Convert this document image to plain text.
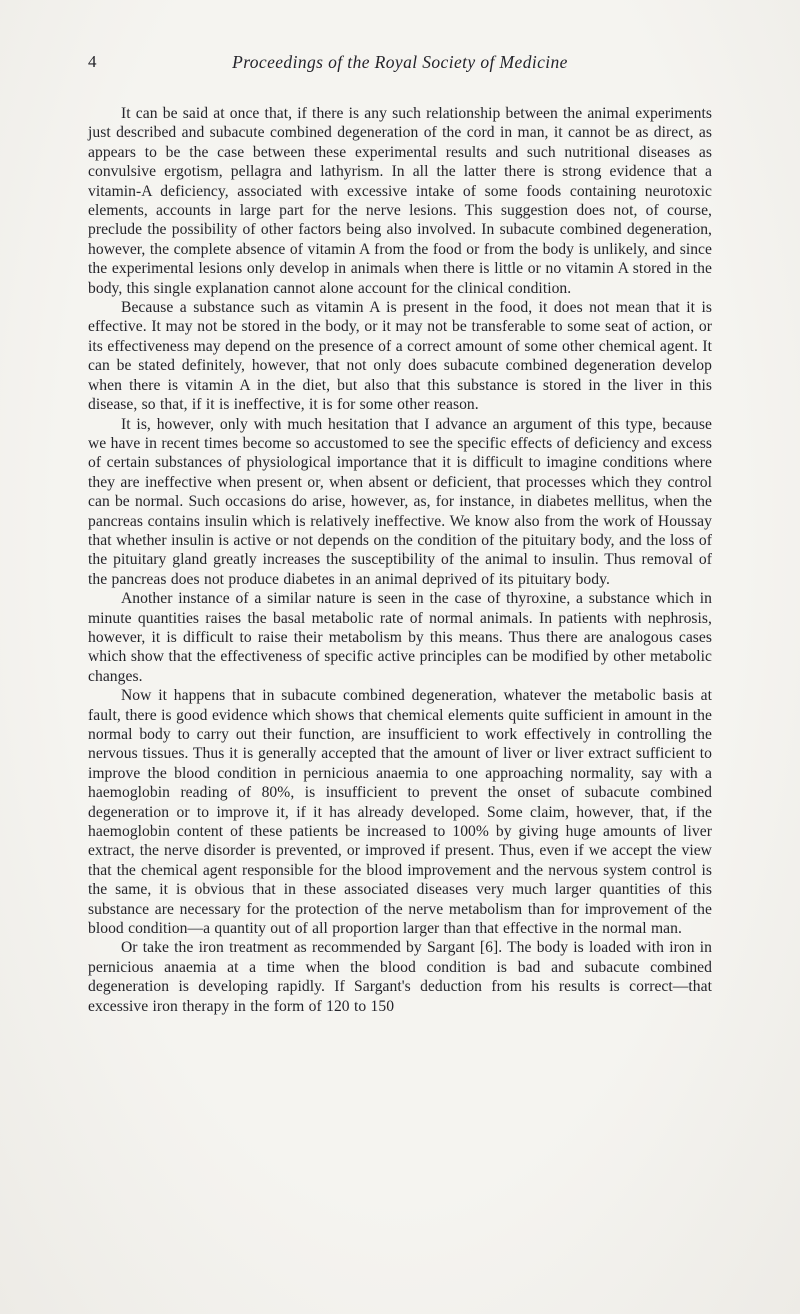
4	Proceedings of the Royal Society of Medicine

It can be said at once that, if there is any such relationship between the animal experiments just described and subacute combined degeneration of the cord in man, it cannot be as direct, as appears to be the case between these experimental results and such nutritional diseases as convulsive ergotism, pellagra and lathyrism. In all the latter there is strong evidence that a vitamin-A deficiency, associated with excessive intake of some foods containing neurotoxic elements, accounts in large part for the nerve lesions. This suggestion does not, of course, preclude the possibility of other factors being also involved. In subacute combined degeneration, however, the complete absence of vitamin A from the food or from the body is unlikely, and since the experimental lesions only develop in animals when there is little or no vitamin A stored in the body, this single explanation cannot alone account for the clinical condition.

Because a substance such as vitamin A is present in the food, it does not mean that it is effective. It may not be stored in the body, or it may not be transferable to some seat of action, or its effectiveness may depend on the presence of a correct amount of some other chemical agent. It can be stated definitely, however, that not only does subacute combined degeneration develop when there is vitamin A in the diet, but also that this substance is stored in the liver in this disease, so that, if it is ineffective, it is for some other reason.

It is, however, only with much hesitation that I advance an argument of this type, because we have in recent times become so accustomed to see the specific effects of deficiency and excess of certain substances of physiological importance that it is difficult to imagine conditions where they are ineffective when present or, when absent or deficient, that processes which they control can be normal. Such occasions do arise, however, as, for instance, in diabetes mellitus, when the pancreas contains insulin which is relatively ineffective. We know also from the work of Houssay that whether insulin is active or not depends on the condition of the pituitary body, and the loss of the pituitary gland greatly increases the susceptibility of the animal to insulin. Thus removal of the pancreas does not produce diabetes in an animal deprived of its pituitary body.

Another instance of a similar nature is seen in the case of thyroxine, a substance which in minute quantities raises the basal metabolic rate of normal animals. In patients with nephrosis, however, it is difficult to raise their metabolism by this means. Thus there are analogous cases which show that the effectiveness of specific active principles can be modified by other metabolic changes.

Now it happens that in subacute combined degeneration, whatever the metabolic basis at fault, there is good evidence which shows that chemical elements quite sufficient in amount in the normal body to carry out their function, are insufficient to work effectively in controlling the nervous tissues. Thus it is generally accepted that the amount of liver or liver extract sufficient to improve the blood condition in pernicious anaemia to one approaching normality, say with a haemoglobin reading of 80%, is insufficient to prevent the onset of subacute combined degeneration or to improve it, if it has already developed. Some claim, however, that, if the haemoglobin content of these patients be increased to 100% by giving huge amounts of liver extract, the nerve disorder is prevented, or improved if present. Thus, even if we accept the view that the chemical agent responsible for the blood improvement and the nervous system control is the same, it is obvious that in these associated diseases very much larger quantities of this substance are necessary for the protection of the nerve metabolism than for improvement of the blood condition—a quantity out of all proportion larger than that effective in the normal man.

Or take the iron treatment as recommended by Sargant [6]. The body is loaded with iron in pernicious anaemia at a time when the blood condition is bad and subacute combined degeneration is developing rapidly. If Sargant's deduction from his results is correct—that excessive iron therapy in the form of 120 to 150
